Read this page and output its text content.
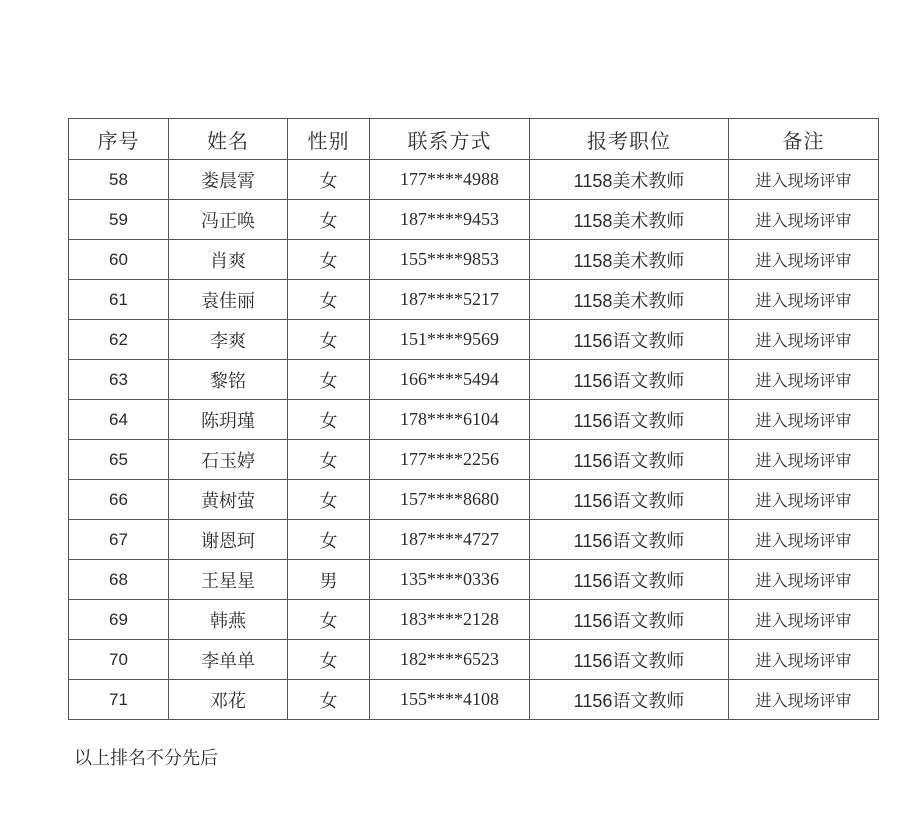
序号	姓名	性别	联系方式	报考职位	备注
58	娄晨霄	女	177****4988	1158美术教师	进入现场评审
59	冯正唤	女	187****9453	1158美术教师	进入现场评审
60	肖爽	女	155****9853	1158美术教师	进入现场评审
61	袁佳丽	女	187****5217	1158美术教师	进入现场评审
62	李爽	女	151****9569	1156语文教师	进入现场评审
63	黎铭	女	166****5494	1156语文教师	进入现场评审
64	陈玥瑾	女	178****6104	1156语文教师	进入现场评审
65	石玉婷	女	177****2256	1156语文教师	进入现场评审
66	黄树萤	女	157****8680	1156语文教师	进入现场评审
67	谢恩珂	女	187****4727	1156语文教师	进入现场评审
68	王星星	男	135****0336	1156语文教师	进入现场评审
69	韩燕	女	183****2128	1156语文教师	进入现场评审
70	李单单	女	182****6523	1156语文教师	进入现场评审
71	邓花	女	155****4108	1156语文教师	进入现场评审
以上排名不分先后
